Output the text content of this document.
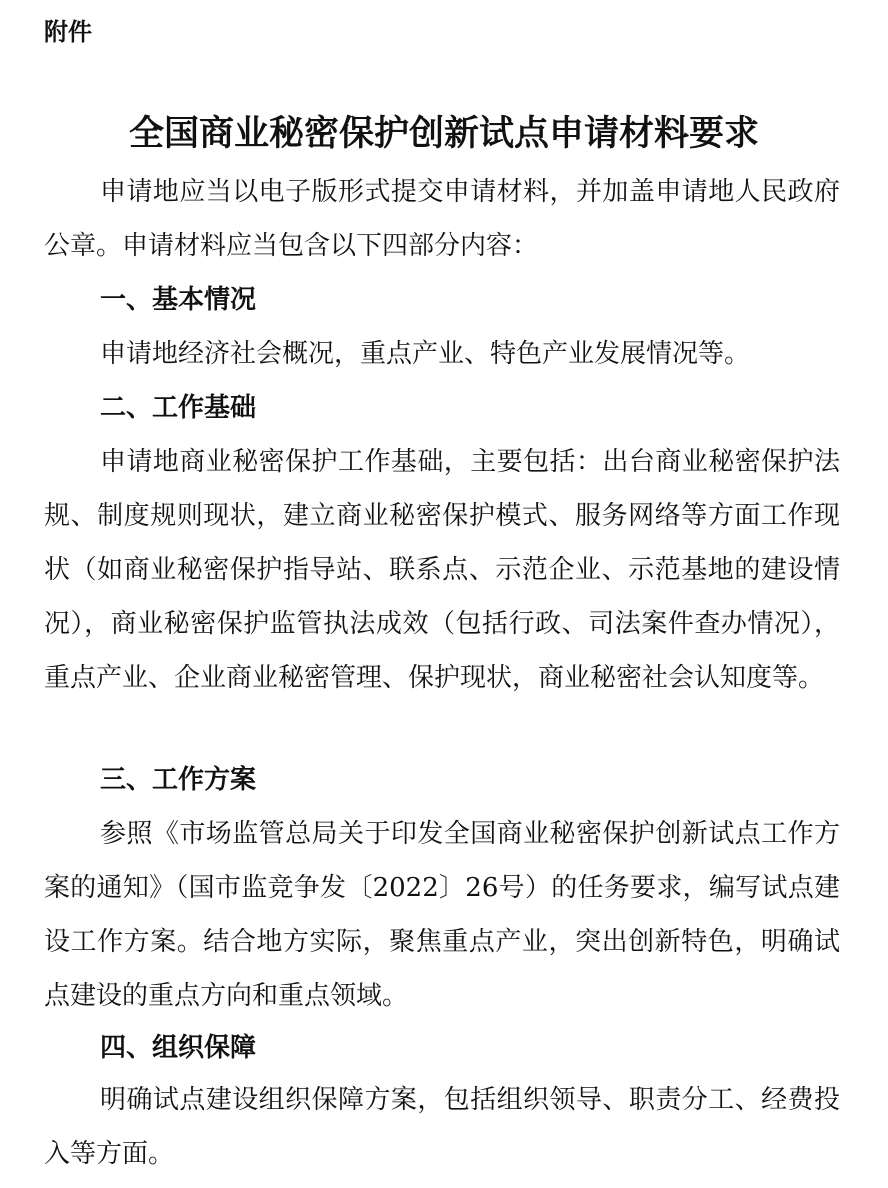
附件

全国商业秘密保护创新试点申请材料要求

申请地应当以电子版形式提交申请材料，并加盖申请地人民政府公章。申请材料应当包含以下四部分内容：

一、基本情况

申请地经济社会概况，重点产业、特色产业发展情况等。

二、工作基础

申请地商业秘密保护工作基础，主要包括：出台商业秘密保护法规、制度规则现状，建立商业秘密保护模式、服务网络等方面工作现状（如商业秘密保护指导站、联系点、示范企业、示范基地的建设情况），商业秘密保护监管执法成效（包括行政、司法案件查办情况），重点产业、企业商业秘密管理、保护现状，商业秘密社会认知度等。

三、工作方案

参照《市场监管总局关于印发全国商业秘密保护创新试点工作方案的通知》（国市监竞争发〔2022〕26号）的任务要求，编写试点建设工作方案。结合地方实际，聚焦重点产业，突出创新特色，明确试点建设的重点方向和重点领域。

四、组织保障

明确试点建设组织保障方案，包括组织领导、职责分工、经费投入等方面。
